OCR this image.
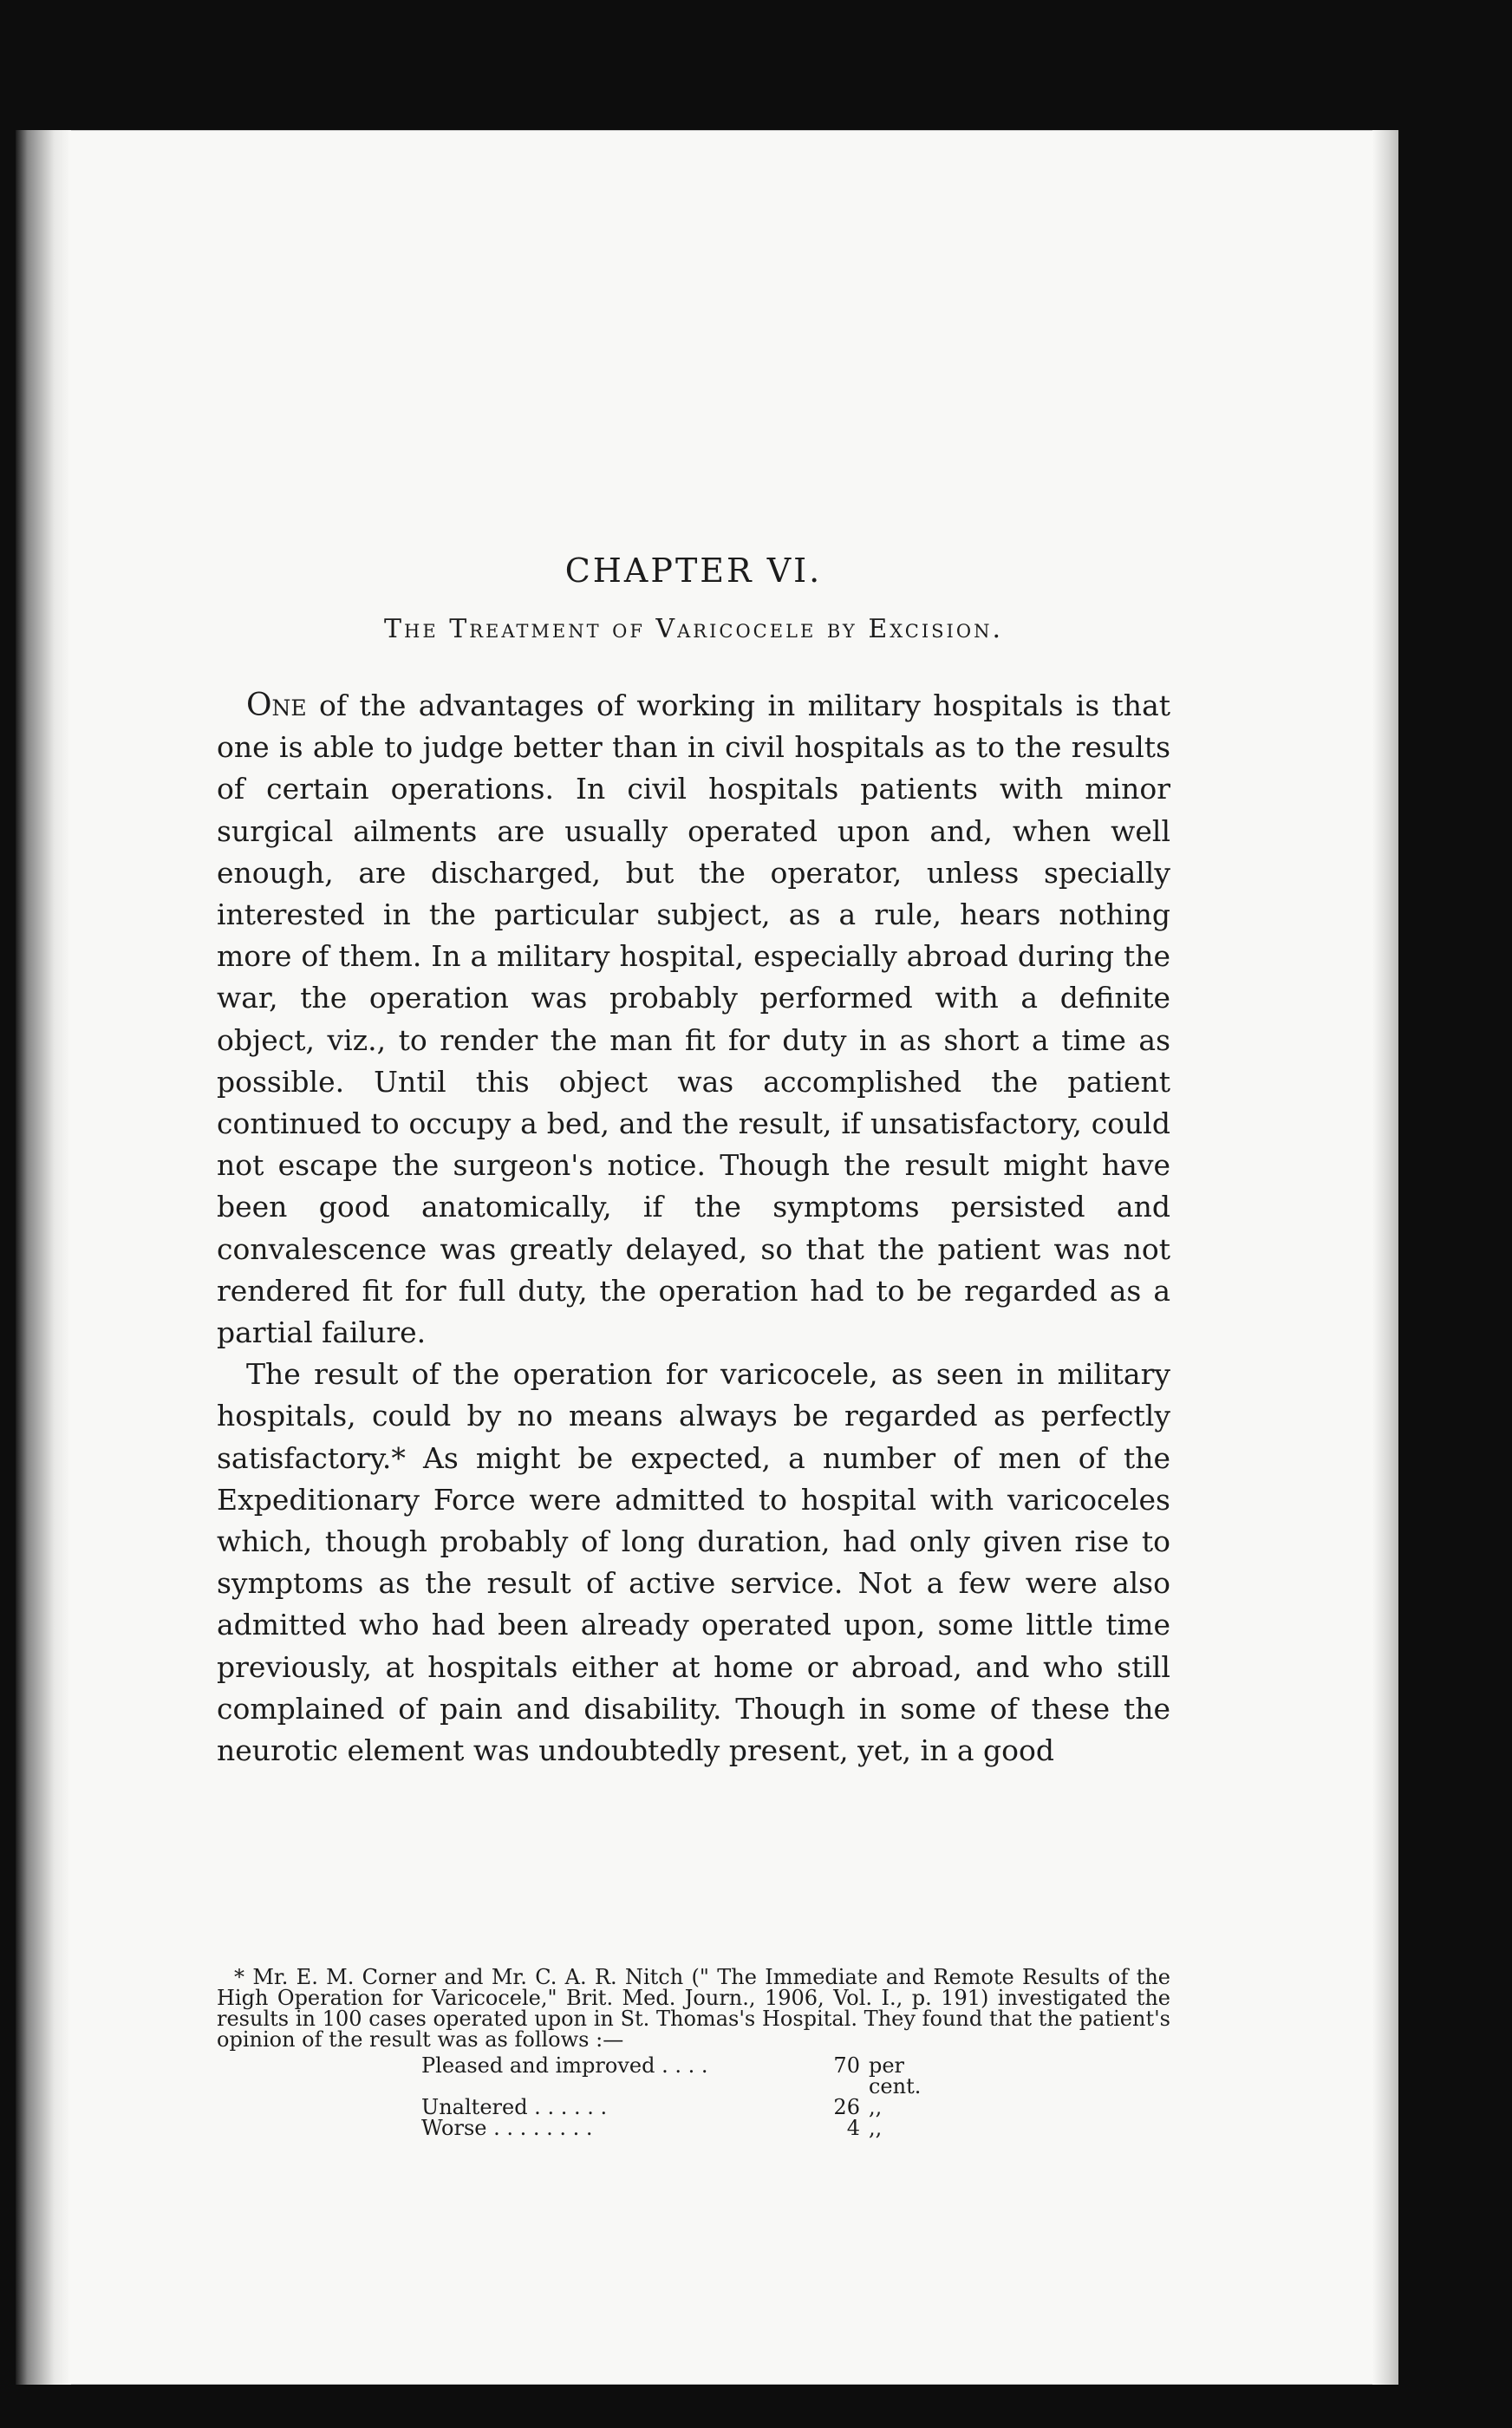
CHAPTER VI.
The Treatment of Varicocele by Excision.

One of the advantages of working in military hospitals is that one is able to judge better than in civil hospitals as to the results of certain operations. In civil hospitals patients with minor surgical ailments are usually operated upon and, when well enough, are discharged, but the operator, unless specially interested in the particular subject, as a rule, hears nothing more of them. In a military hospital, especially abroad during the war, the operation was probably performed with a definite object, viz., to render the man fit for duty in as short a time as possible. Until this object was accomplished the patient continued to occupy a bed, and the result, if unsatisfactory, could not escape the surgeon's notice. Though the result might have been good anatomically, if the symptoms persisted and convalescence was greatly delayed, so that the patient was not rendered fit for full duty, the operation had to be regarded as a partial failure.

The result of the operation for varicocele, as seen in military hospitals, could by no means always be regarded as perfectly satisfactory.* As might be expected, a number of men of the Expeditionary Force were admitted to hospital with varicoceles which, though probably of long duration, had only given rise to symptoms as the result of active service. Not a few were also admitted who had been already operated upon, some little time previously, at hospitals either at home or abroad, and who still complained of pain and disability. Though in some of these the neurotic element was undoubtedly present, yet, in a good

* Mr. E. M. Corner and Mr. C. A. R. Nitch (" The Immediate and Remote Results of the High Operation for Varicocele," Brit. Med. Journ., 1906, Vol. I., p. 191) investigated the results in 100 cases operated upon in St. Thomas's Hospital. They found that the patient's opinion of the result was as follows :—

Pleased and improved . . . .	70 per cent.
Unaltered . . . . . .	26 ,,
Worse . . . . . . . .	4 ,,
